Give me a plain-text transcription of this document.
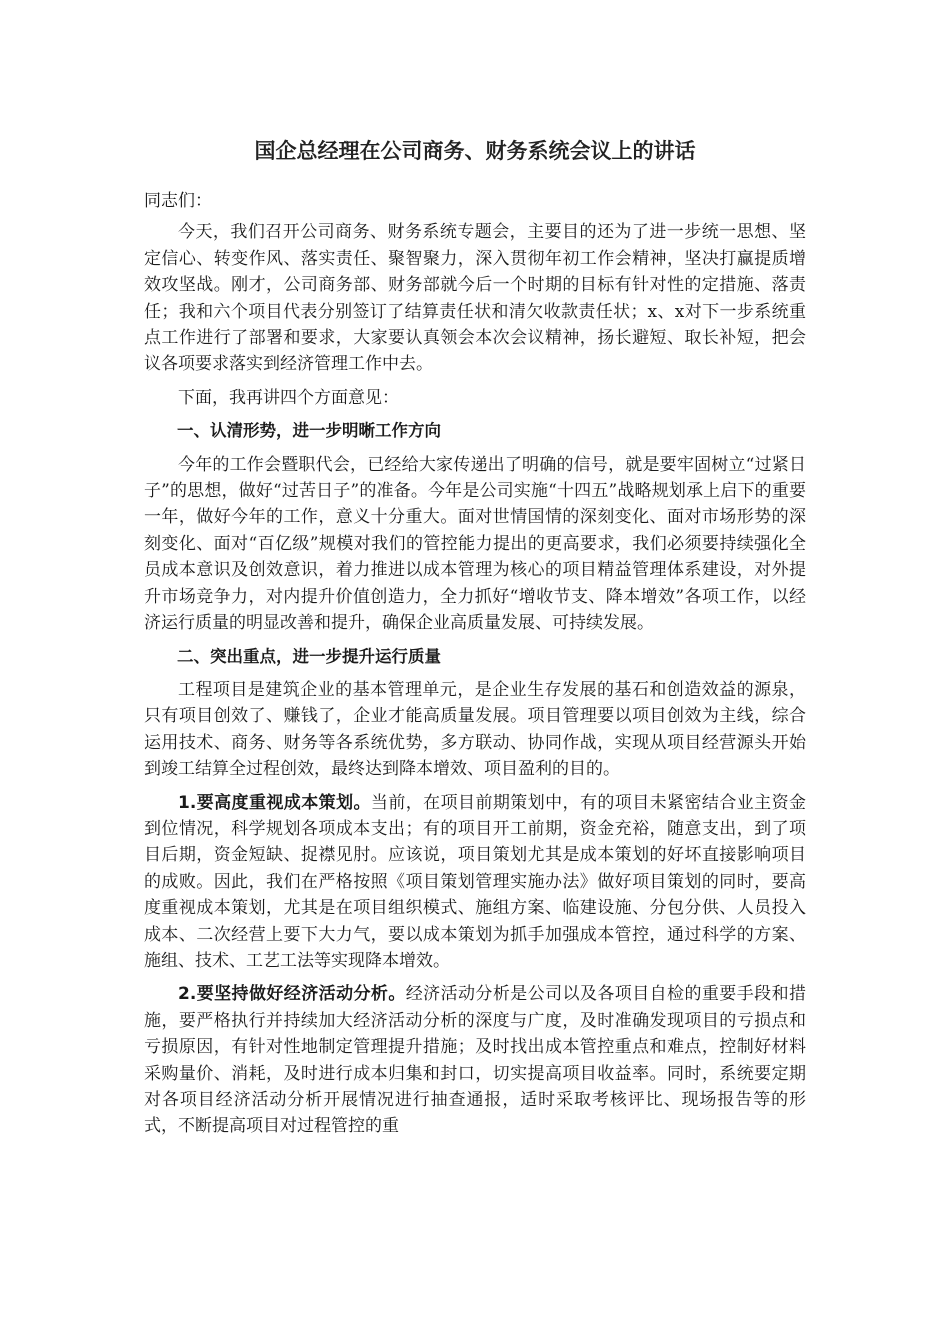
国企总经理在公司商务、财务系统会议上的讲话

同志们：

今天，我们召开公司商务、财务系统专题会，主要目的还为了进一步统一思想、坚定信心、转变作风、落实责任、聚智聚力，深入贯彻年初工作会精神，坚决打赢提质增效攻坚战。刚才，公司商务部、财务部就今后一个时期的目标有针对性的定措施、落责任；我和六个项目代表分别签订了结算责任状和清欠收款责任状；x、x对下一步系统重点工作进行了部署和要求，大家要认真领会本次会议精神，扬长避短、取长补短，把会议各项要求落实到经济管理工作中去。

下面，我再讲四个方面意见：

一、认清形势，进一步明晰工作方向

今年的工作会暨职代会，已经给大家传递出了明确的信号，就是要牢固树立“过紧日子”的思想，做好“过苦日子”的准备。今年是公司实施“十四五”战略规划承上启下的重要一年，做好今年的工作，意义十分重大。面对世情国情的深刻变化、面对市场形势的深刻变化、面对“百亿级”规模对我们的管控能力提出的更高要求，我们必须要持续强化全员成本意识及创效意识，着力推进以成本管理为核心的项目精益管理体系建设，对外提升市场竞争力，对内提升价值创造力，全力抓好“增收节支、降本增效”各项工作，以经济运行质量的明显改善和提升，确保企业高质量发展、可持续发展。

二、突出重点，进一步提升运行质量

工程项目是建筑企业的基本管理单元，是企业生存发展的基石和创造效益的源泉，只有项目创效了、赚钱了，企业才能高质量发展。项目管理要以项目创效为主线，综合运用技术、商务、财务等各系统优势，多方联动、协同作战，实现从项目经营源头开始到竣工结算全过程创效，最终达到降本增效、项目盈利的目的。

1.要高度重视成本策划。当前，在项目前期策划中，有的项目未紧密结合业主资金到位情况，科学规划各项成本支出；有的项目开工前期，资金充裕，随意支出，到了项目后期，资金短缺、捉襟见肘。应该说，项目策划尤其是成本策划的好坏直接影响项目的成败。因此，我们在严格按照《项目策划管理实施办法》做好项目策划的同时，要高度重视成本策划，尤其是在项目组织模式、施组方案、临建设施、分包分供、人员投入成本、二次经营上要下大力气，要以成本策划为抓手加强成本管控，通过科学的方案、施组、技术、工艺工法等实现降本增效。

2.要坚持做好经济活动分析。经济活动分析是公司以及各项目自检的重要手段和措施，要严格执行并持续加大经济活动分析的深度与广度，及时准确发现项目的亏损点和亏损原因，有针对性地制定管理提升措施；及时找出成本管控重点和难点，控制好材料采购量价、消耗，及时进行成本归集和封口，切实提高项目收益率。同时，系统要定期对各项目经济活动分析开展情况进行抽查通报，适时采取考核评比、现场报告等的形式，不断提高项目对过程管控的重
